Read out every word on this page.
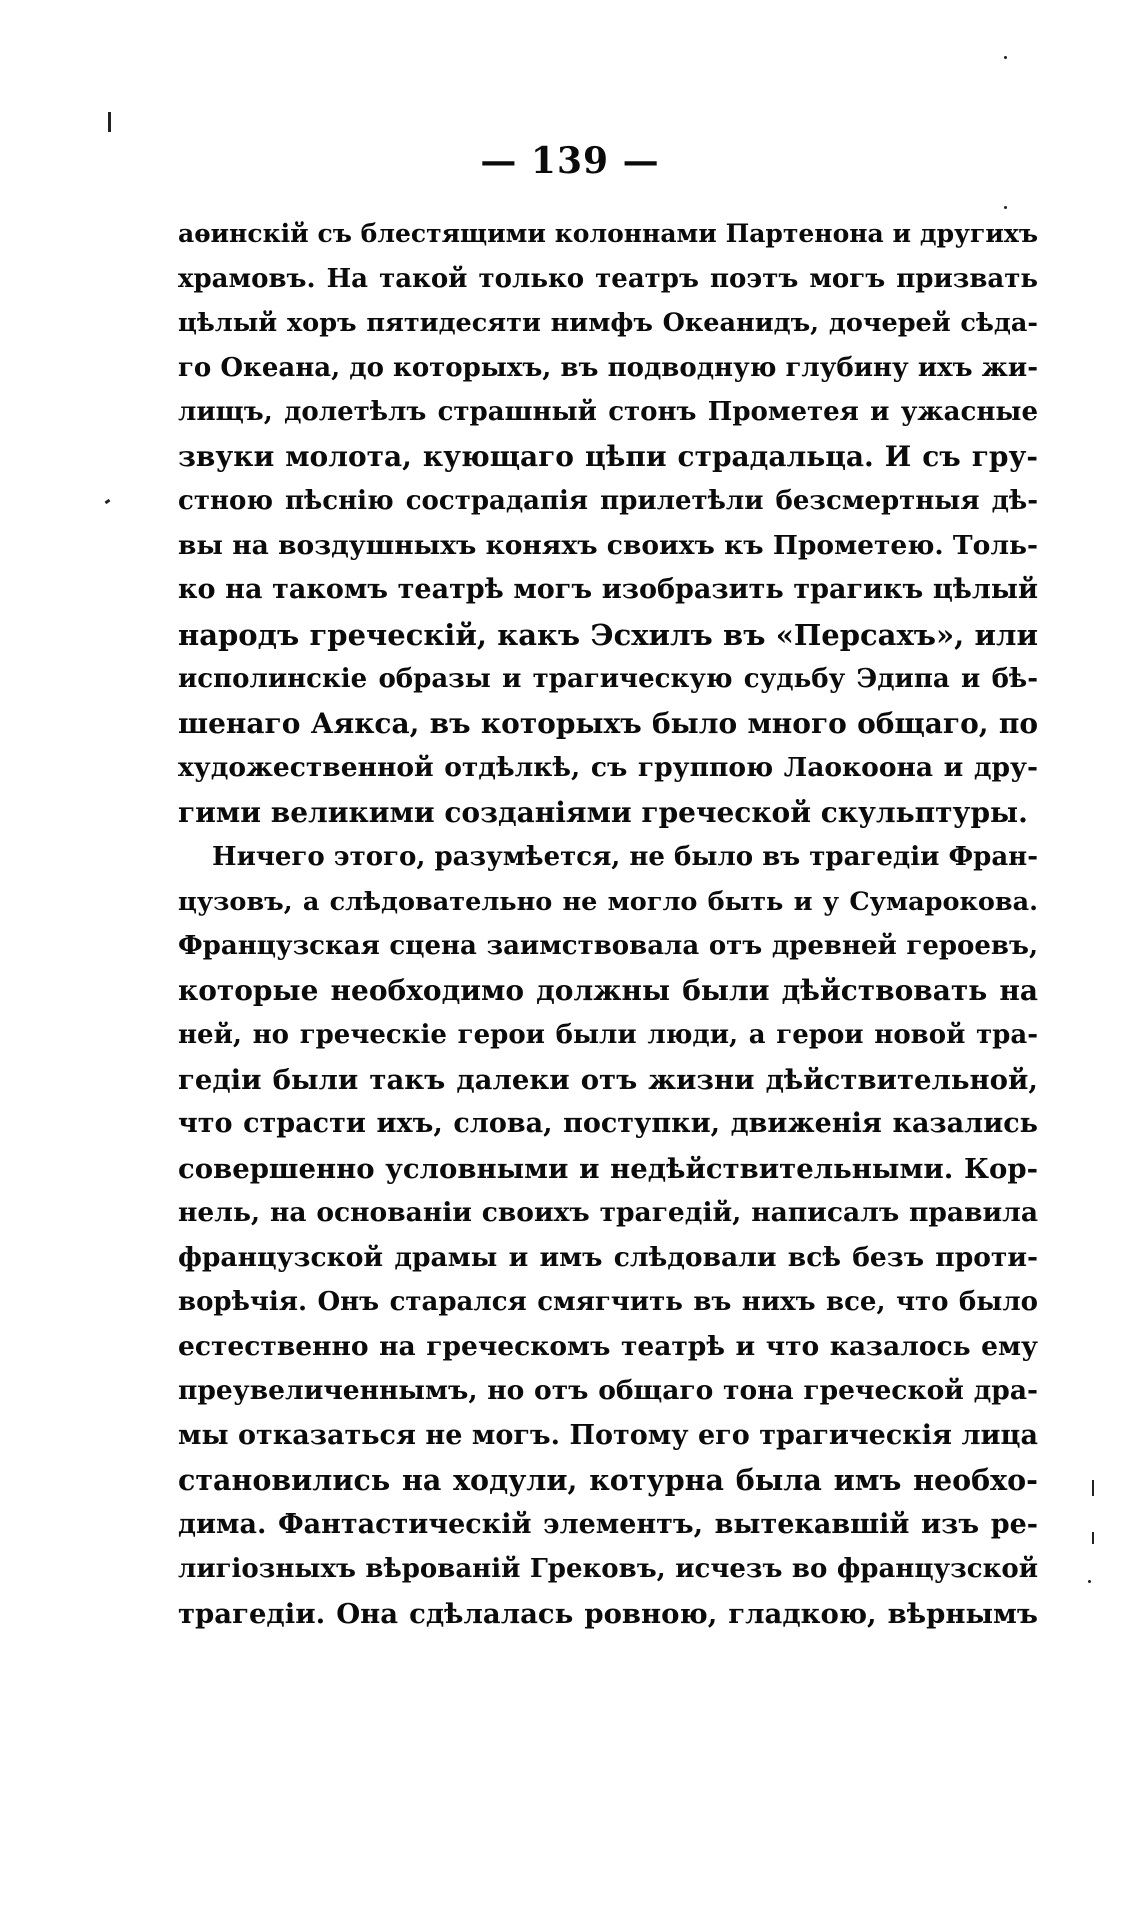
— 139 —
аѳинскій съ блестящими колоннами Партенона и другихъ
храмовъ. На такой только театръ поэтъ могъ призвать
цѣлый хоръ пятидесяти нимфъ Океанидъ, дочерей сѣда-
го Океана, до которыхъ, въ подводную глубину ихъ жи-
лищъ, долетѣлъ страшный стонъ Прометея и ужасные
звуки молота, кующаго цѣпи страдальца. И съ гру-
стною пѣснію сострадапія прилетѣли безсмертныя дѣ-
вы на воздушныхъ коняхъ своихъ къ Прометею. Толь-
ко на такомъ театрѣ могъ изобразить трагикъ цѣлый
народъ греческій, какъ Эсхилъ въ «Персахъ», или
исполинскіе образы и трагическую судьбу Эдипа и бѣ-
шенаго Аякса, въ которыхъ было много общаго, по
художественной отдѣлкѣ, съ группою Лаокоона и дру-
гими великими созданіями греческой скульптуры.
Ничего этого, разумѣется, не было въ трагедіи Фран-
цузовъ, а слѣдовательно не могло быть и у Сумарокова.
Французская сцена заимствовала отъ древней героевъ,
которые необходимо должны были дѣйствовать на
ней, но греческіе герои были люди, а герои новой тра-
гедіи были такъ далеки отъ жизни дѣйствительной,
что страсти ихъ, слова, поступки, движенія казались
совершенно условными и недѣйствительными. Кор-
нель, на основаніи своихъ трагедій, написалъ правила
французской драмы и имъ слѣдовали всѣ безъ проти-
ворѣчія. Онъ старался смягчить въ нихъ все, что было
естественно на греческомъ театрѣ и что казалось ему
преувеличеннымъ, но отъ общаго тона греческой дра-
мы отказаться не могъ. Потому его трагическія лица
становились на ходули, котурна была имъ необхо-
дима. Фантастическій элементъ, вытекавшій изъ ре-
лигіозныхъ вѣрованій Грековъ, исчезъ во французской
трагедіи. Она сдѣлалась ровною, гладкою, вѣрнымъ
